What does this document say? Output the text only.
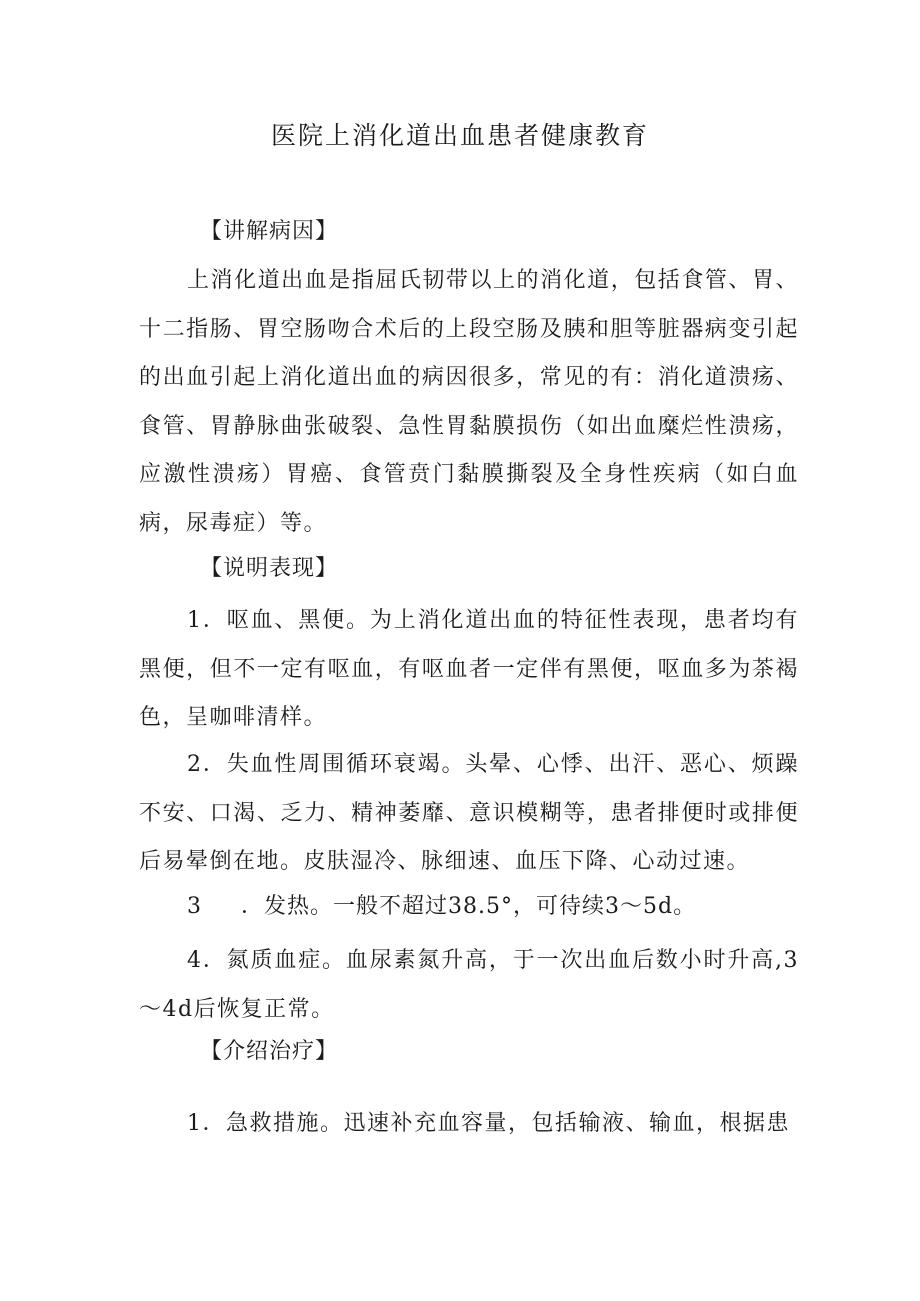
医院上消化道出血患者健康教育
【讲解病因】

上消化道出血是指屈氏韧带以上的消化道，包括食管、胃、十二指肠、胃空肠吻合术后的上段空肠及胰和胆等脏器病变引起的出血引起上消化道出血的病因很多，常见的有：消化道溃疡、食管、胃静脉曲张破裂、急性胃黏膜损伤（如出血糜烂性溃疡，应激性溃疡）胃癌、食管贲门黏膜撕裂及全身性疾病（如白血病，尿毒症）等。

【说明表现】

1．呕血、黑便。为上消化道出血的特征性表现，患者均有黑便，但不一定有呕血，有呕血者一定伴有黑便，呕血多为茶褐色，呈咖啡清样。

2．失血性周围循环衰竭。头晕、心悸、出汗、恶心、烦躁不安、口渴、乏力、精神萎靡、意识模糊等，患者排便时或排便后易晕倒在地。皮肤湿冷、脉细速、血压下降、心动过速。

3 ．发热。一般不超过38.5°，可待续3～5d。

4．氮质血症。血尿素氮升高，于一次出血后数小时升高,3～4d后恢复正常。

【介绍治疗】

1．急救措施。迅速补充血容量，包括输液、输血，根据患
